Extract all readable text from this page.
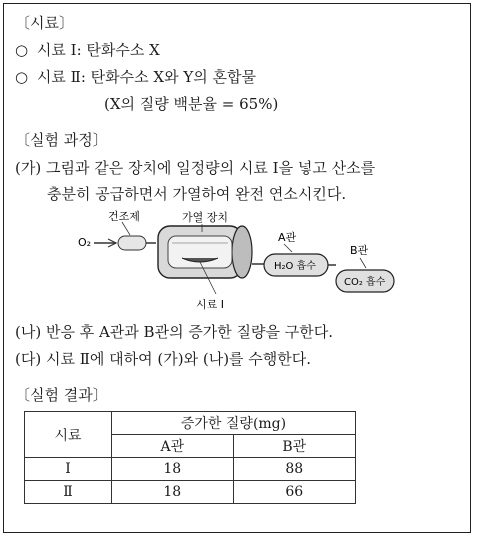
〔시료〕
○ 시료 Ⅰ: 탄화수소 X
○ 시료 Ⅱ: 탄화수소 X와 Y의 혼합물
(X의 질량 백분율 = 65%)
〔실험 과정〕
(가) 그림과 같은 장치에 일정량의 시료 Ⅰ을 넣고 산소를
충분히 공급하면서 가열하여 완전 연소시킨다.
O₂
건조제	가열 장치
시료 Ⅰ
H₂O 흡수
A관
CO₂ 흡수
B관
(나) 반응 후 A관과 B관의 증가한 질량을 구한다.
(다) 시료 Ⅱ에 대하여 (가)와 (나)를 수행한다.
〔실험 결과〕
시료	증가한 질량(mg)	
	A관	B관
Ⅰ	18	88
Ⅱ	18	66
